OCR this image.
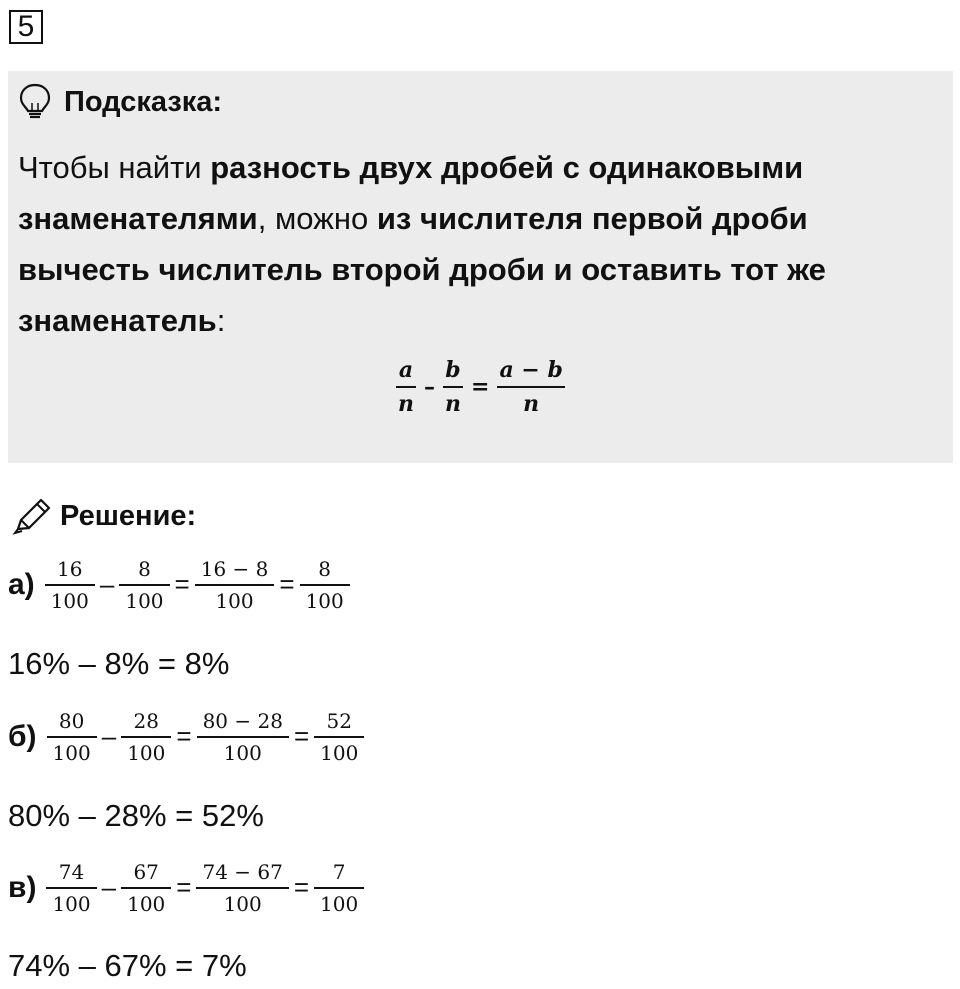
5
Подсказка:
Чтобы найти разность двух дробей с одинаковыми знаменателями, можно из числителя первой дроби вычесть числитель второй дроби и оставить тот же знаменатель:
$\frac{a}{n} - \frac{b}{n} = \frac{a - b}{n}$
Решение:
$а) \frac{16}{100} - \frac{8}{100} = \frac{16 - 8}{100} = \frac{8}{100}$
16% – 8% = 8%
$б) \frac{80}{100} - \frac{28}{100} = \frac{80 - 28}{100} = \frac{52}{100}$
80% – 28% = 52%
$в) \frac{74}{100} - \frac{67}{100} = \frac{74 - 67}{100} = \frac{7}{100}$
74% – 67% = 7%
